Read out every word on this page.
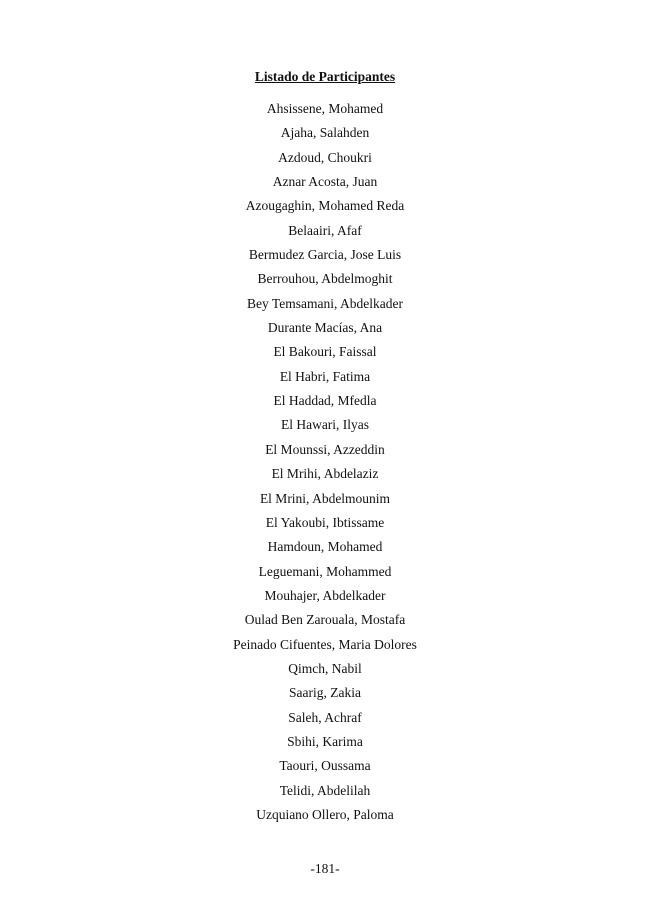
Listado de Participantes
Ahsissene, Mohamed
Ajaha, Salahden
Azdoud, Choukri
Aznar Acosta, Juan
Azougaghin, Mohamed Reda
Belaairi, Afaf
Bermudez Garcia, Jose Luis
Berrouhou, Abdelmoghit
Bey Temsamani, Abdelkader
Durante Macías, Ana
El Bakouri, Faissal
El Habri, Fatima
El Haddad, Mfedla
El Hawari, Ilyas
El Mounssi, Azzeddin
El Mrihi, Abdelaziz
El Mrini, Abdelmounim
El Yakoubi, Ibtissame
Hamdoun, Mohamed
Leguemani, Mohammed
Mouhajer, Abdelkader
Oulad Ben Zarouala, Mostafa
Peinado Cifuentes, Maria Dolores
Qimch, Nabil
Saarig, Zakia
Saleh, Achraf
Sbihi, Karima
Taouri, Oussama
Telidi, Abdelilah
Uzquiano Ollero, Paloma
-181-
